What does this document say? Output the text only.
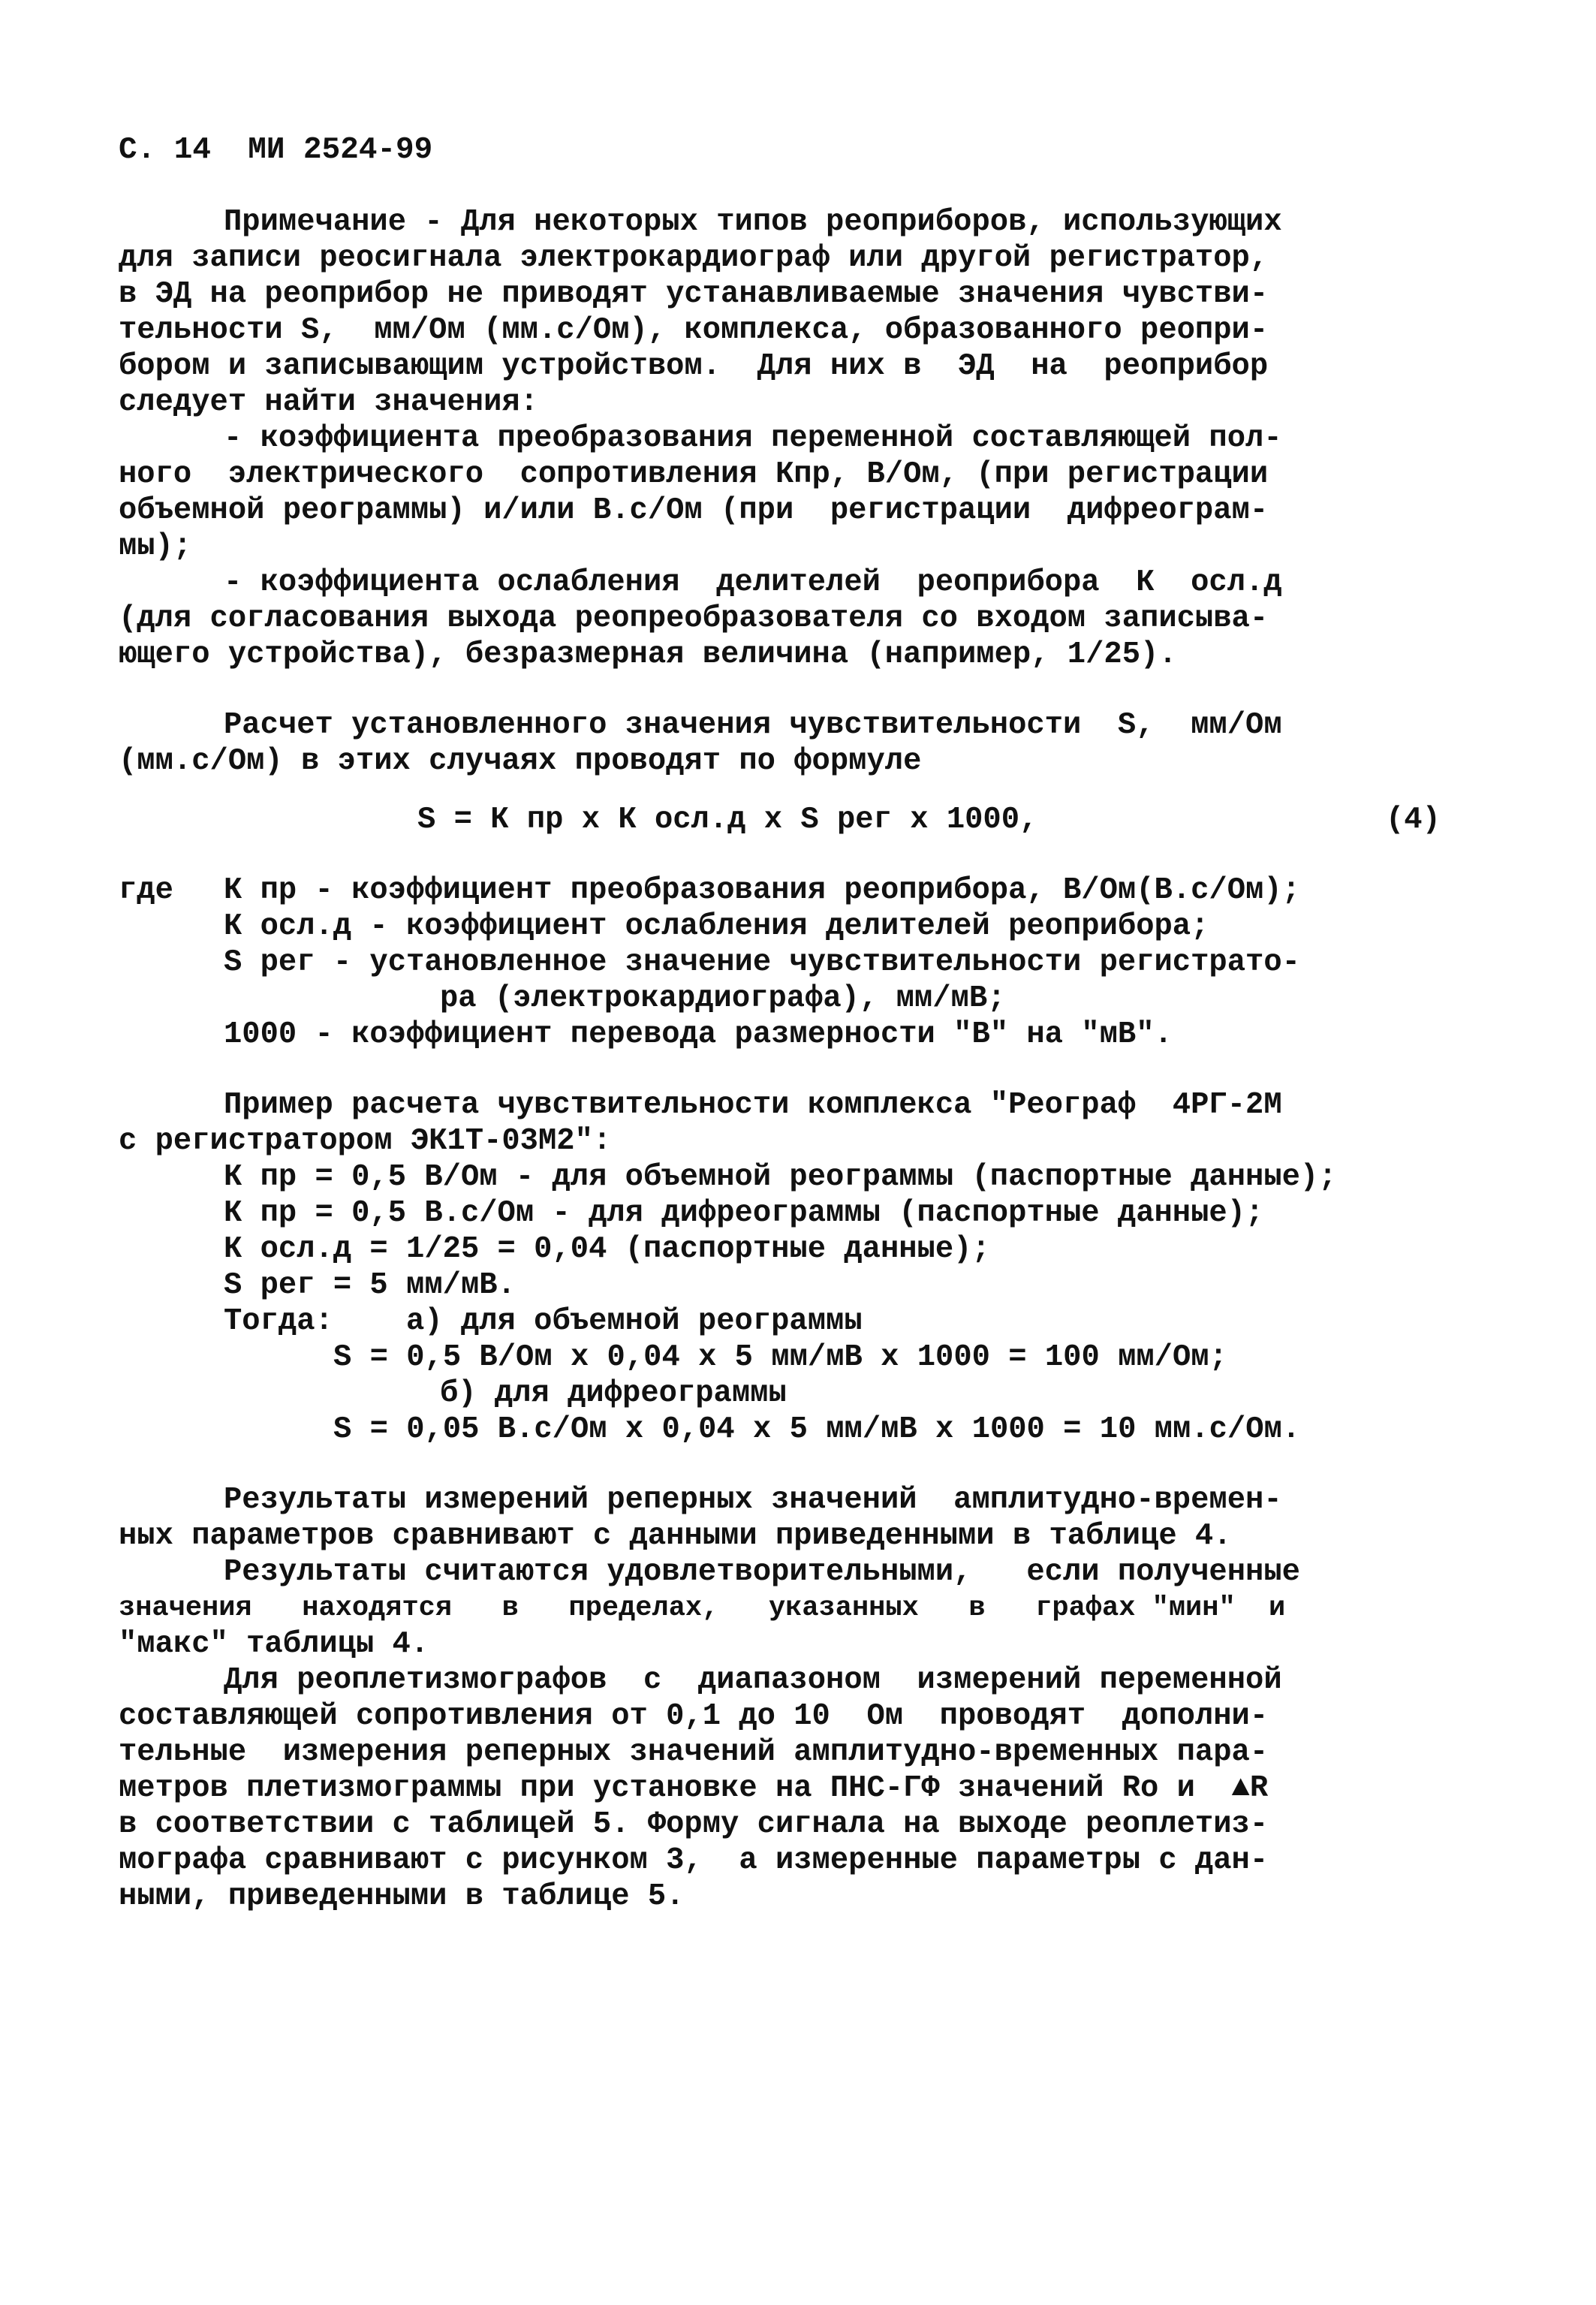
С. 14  МИ 2524-99
Примечание - Для некоторых типов реоприборов, использующих
для записи реосигнала электрокардиограф или другой регистратор,
в ЭД на реоприбор не приводят устанавливаемые значения чувстви-
тельности S,  мм/Ом (мм.с/Ом), комплекса, образованного реопри-
бором и записывающим устройством.  Для них в  ЭД  на  реоприбор
следует найти значения:
- коэффициента преобразования переменной составляющей пол-
ного  электрического  сопротивления Кпр, В/Ом, (при регистрации
объемной реограммы) и/или В.с/Ом (при  регистрации  дифреограм-
мы);
- коэффициента ослабления  делителей  реоприбора  К  осл.д
(для согласования выхода реопреобразователя со входом записыва-
ющего устройства), безразмерная величина (например, 1/25).
Расчет установленного значения чувствительности  S,  мм/Ом
(мм.с/Ом) в этих случаях проводят по формуле
S = К пр х К осл.д х S рег х 1000,	(4)
где К пр - коэффициент преобразования реоприбора, В/Ом(В.с/Ом);
К осл.д - коэффициент ослабления делителей реоприбора;
S рег - установленное значение чувствительности регистрато-
ра (электрокардиографа), мм/мВ;
1000 - коэффициент перевода размерности "В" на "мВ".
Пример расчета чувствительности комплекса "Реограф  4РГ-2М
с регистратором ЭК1Т-03М2":
К пр = 0,5 В/Ом - для объемной реограммы (паспортные данные);
К пр = 0,5 В.с/Ом - для дифреограммы (паспортные данные);
К осл.д = 1/25 = 0,04 (паспортные данные);
S рег = 5 мм/мВ.
Тогда:    а) для объемной реограммы
S = 0,5 В/Ом х 0,04 х 5 мм/мВ х 1000 = 100 мм/Ом;
б) для дифреограммы
S = 0,05 В.с/Ом х 0,04 х 5 мм/мВ х 1000 = 10 мм.с/Ом.
Результаты измерений реперных значений  амплитудно-времен-
ных параметров сравнивают с данными приведенными в таблице 4.
Результаты считаются удовлетворительными,   если полученные
значения   находятся   в   пределах,   указанных   в   графах "мин"  и
"макс" таблицы 4.
Для реоплетизмографов  с  диапазоном  измерений переменной
составляющей сопротивления от 0,1 до 10  Ом  проводят  дополни-
тельные  измерения реперных значений амплитудно-временных пара-
метров плетизмограммы при установке на ПНС-ГФ значений Ro и  ▲R
в соответствии с таблицей 5. Форму сигнала на выходе реоплетиз-
мографа сравнивают с рисунком 3,  а измеренные параметры с дан-
ными, приведенными в таблице 5.
